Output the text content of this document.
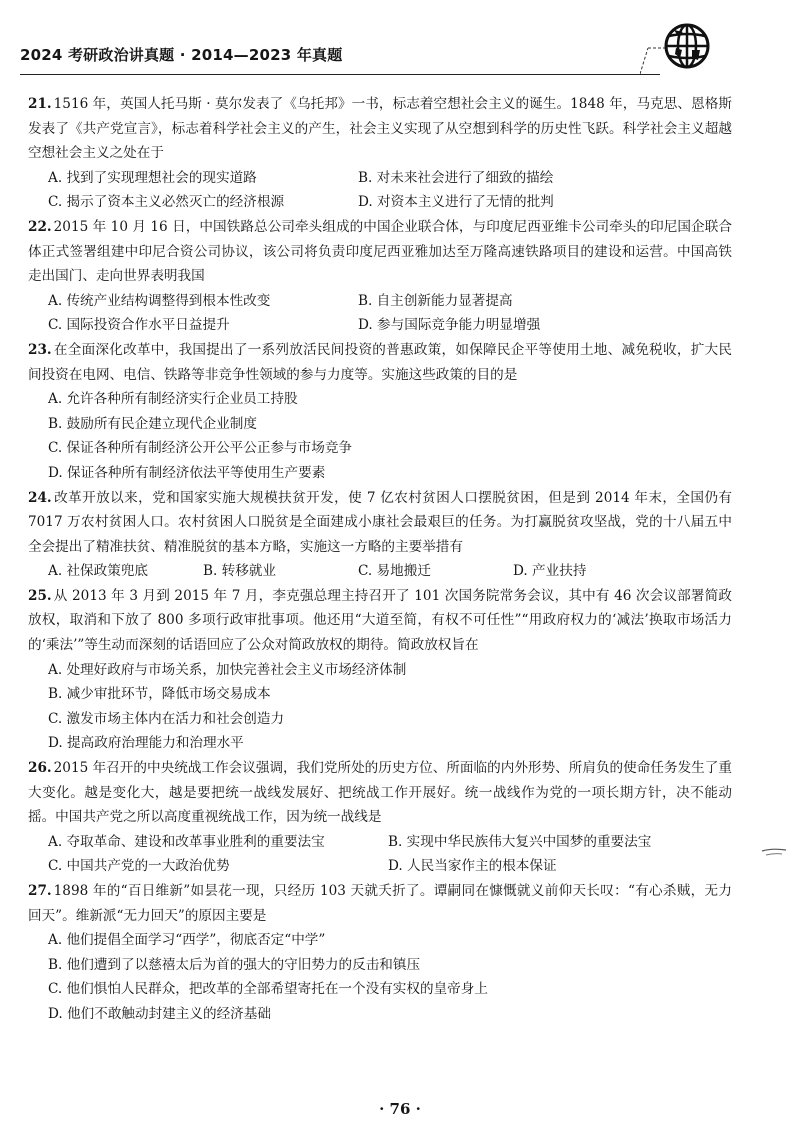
2024 考研政治讲真题 · 2014—2023 年真题
21. 1516 年，英国人托马斯 · 莫尔发表了《乌托邦》一书，标志着空想社会主义的诞生。1848 年，马克思、恩格斯发表了《共产党宣言》，标志着科学社会主义的产生，社会主义实现了从空想到科学的历史性飞跃。科学社会主义超越空想社会主义之处在于
A. 找到了实现理想社会的现实道路	B. 对未来社会进行了细致的描绘
C. 揭示了资本主义必然灭亡的经济根源	D. 对资本主义进行了无情的批判
22. 2015 年 10 月 16 日，中国铁路总公司牵头组成的中国企业联合体，与印度尼西亚维卡公司牵头的印尼国企联合体正式签署组建中印尼合资公司协议，该公司将负责印度尼西亚雅加达至万隆高速铁路项目的建设和运营。中国高铁走出国门、走向世界表明我国
A. 传统产业结构调整得到根本性改变	B. 自主创新能力显著提高
C. 国际投资合作水平日益提升	D. 参与国际竞争能力明显增强
23. 在全面深化改革中，我国提出了一系列放活民间投资的普惠政策，如保障民企平等使用土地、减免税收，扩大民间投资在电网、电信、铁路等非竞争性领域的参与力度等。实施这些政策的目的是
A. 允许各种所有制经济实行企业员工持股
B. 鼓励所有民企建立现代企业制度
C. 保证各种所有制经济公开公平公正参与市场竞争
D. 保证各种所有制经济依法平等使用生产要素
24. 改革开放以来，党和国家实施大规模扶贫开发，使 7 亿农村贫困人口摆脱贫困，但是到 2014 年末，全国仍有 7017 万农村贫困人口。农村贫困人口脱贫是全面建成小康社会最艰巨的任务。为打赢脱贫攻坚战，党的十八届五中全会提出了精准扶贫、精准脱贫的基本方略，实施这一方略的主要举措有
A. 社保政策兜底	B. 转移就业	C. 易地搬迁	D. 产业扶持
25. 从 2013 年 3 月到 2015 年 7 月，李克强总理主持召开了 101 次国务院常务会议，其中有 46 次会议部署简政放权，取消和下放了 800 多项行政审批事项。他还用“大道至简，有权不可任性”“用政府权力的‘减法’换取市场活力的‘乘法’”等生动而深刻的话语回应了公众对简政放权的期待。简政放权旨在
A. 处理好政府与市场关系，加快完善社会主义市场经济体制
B. 减少审批环节，降低市场交易成本
C. 激发市场主体内在活力和社会创造力
D. 提高政府治理能力和治理水平
26. 2015 年召开的中央统战工作会议强调，我们党所处的历史方位、所面临的内外形势、所肩负的使命任务发生了重大变化。越是变化大，越是要把统一战线发展好、把统战工作开展好。统一战线作为党的一项长期方针，决不能动摇。中国共产党之所以高度重视统战工作，因为统一战线是
A. 夺取革命、建设和改革事业胜利的重要法宝	B. 实现中华民族伟大复兴中国梦的重要法宝
C. 中国共产党的一大政治优势	D. 人民当家作主的根本保证
27. 1898 年的“百日维新”如昙花一现，只经历 103 天就夭折了。谭嗣同在慷慨就义前仰天长叹：“有心杀贼，无力回天”。维新派“无力回天”的原因主要是
A. 他们提倡全面学习“西学”，彻底否定“中学”
B. 他们遭到了以慈禧太后为首的强大的守旧势力的反击和镇压
C. 他们惧怕人民群众，把改革的全部希望寄托在一个没有实权的皇帝身上
D. 他们不敢触动封建主义的经济基础
· 76 ·
